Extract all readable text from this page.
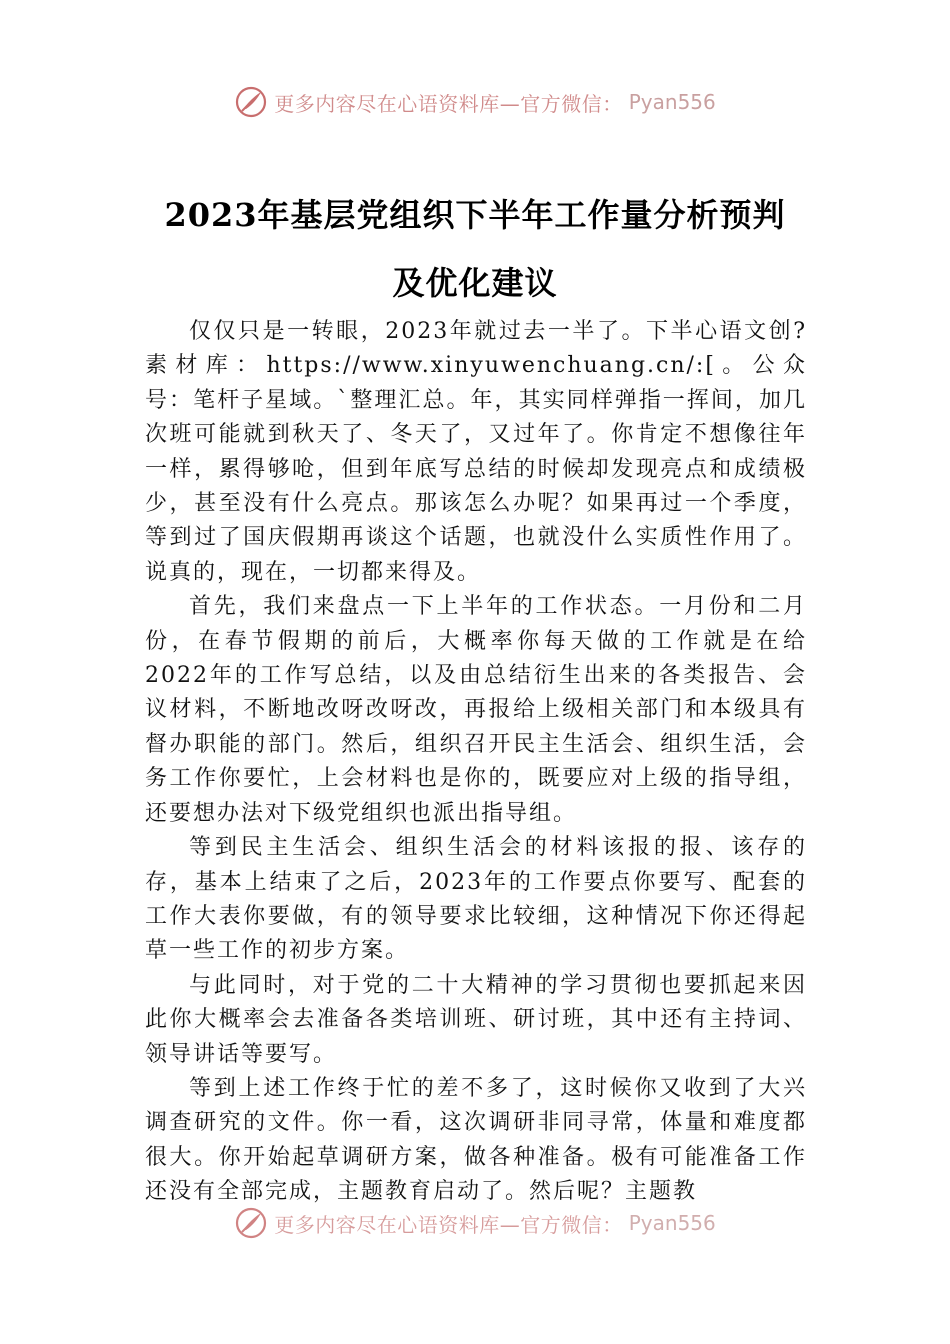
更多内容尽在心语资料库—官方微信： Pyan556
2023年基层党组织下半年工作量分析预判
及优化建议

仅仅只是一转眼，2023年就过去一半了。下半心语文创?素材库：https://www.xinyuwenchuang.cn/:[。公众号：笔杆子星域。`整理汇总。年，其实同样弹指一挥间，加几次班可能就到秋天了、冬天了，又过年了。你肯定不想像往年一样，累得够呛，但到年底写总结的时候却发现亮点和成绩极少，甚至没有什么亮点。那该怎么办呢？如果再过一个季度，等到过了国庆假期再谈这个话题，也就没什么实质性作用了。说真的，现在，一切都来得及。

首先，我们来盘点一下上半年的工作状态。一月份和二月份，在春节假期的前后，大概率你每天做的工作就是在给2022年的工作写总结，以及由总结衍生出来的各类报告、会议材料，不断地改呀改呀改，再报给上级相关部门和本级具有督办职能的部门。然后，组织召开民主生活会、组织生活，会务工作你要忙，上会材料也是你的，既要应对上级的指导组，还要想办法对下级党组织也派出指导组。

等到民主生活会、组织生活会的材料该报的报、该存的存，基本上结束了之后，2023年的工作要点你要写、配套的工作大表你要做，有的领导要求比较细，这种情况下你还得起草一些工作的初步方案。

与此同时，对于党的二十大精神的学习贯彻也要抓起来因此你大概率会去准备各类培训班、研讨班，其中还有主持词、领导讲话等要写。

等到上述工作终于忙的差不多了，这时候你又收到了大兴调查研究的文件。你一看，这次调研非同寻常，体量和难度都很大。你开始起草调研方案，做各种准备。极有可能准备工作还没有全部完成，主题教育启动了。然后呢？主题教

更多内容尽在心语资料库—官方微信： Pyan556
